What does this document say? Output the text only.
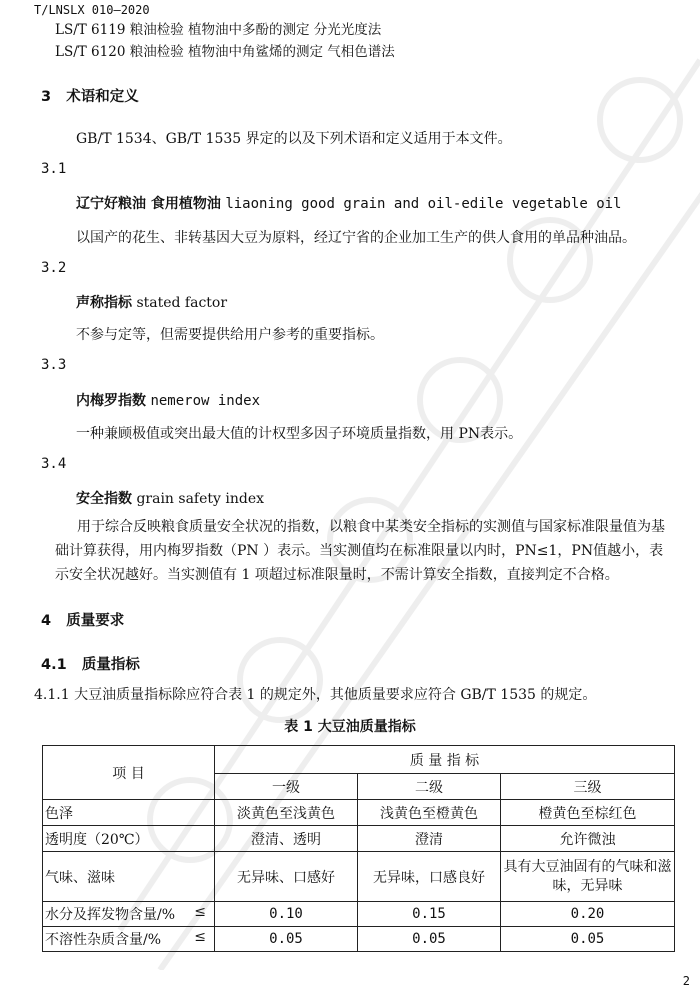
T/LNSLX 010—2020
LS/T 6119 粮油检验 植物油中多酚的测定 分光光度法
LS/T 6120 粮油检验 植物油中角鲨烯的测定 气相色谱法
3 术语和定义
GB/T 1534、GB/T 1535 界定的以及下列术语和定义适用于本文件。
3.1
辽宁好粮油 食用植物油 liaoning good grain and oil-edile vegetable oil
以国产的花生、非转基因大豆为原料，经辽宁省的企业加工生产的供人食用的单品种油品。
3.2
声称指标 stated factor
不参与定等，但需要提供给用户参考的重要指标。
3.3
内梅罗指数 nemerow index
一种兼顾极值或突出最大值的计权型多因子环境质量指数，用 PN表示。
3.4
安全指数 grain safety index
用于综合反映粮食质量安全状况的指数，以粮食中某类安全指标的实测值与国家标准限量值为基础计算获得，用内梅罗指数（PN ）表示。当实测值均在标准限量以内时，PN≤1，PN值越小，表示安全状况越好。当实测值有 1 项超过标准限量时，不需计算安全指数，直接判定不合格。
4 质量要求
4.1 质量指标
4.1.1 大豆油质量指标除应符合表 1 的规定外，其他质量要求应符合 GB/T 1535 的规定。
表 1 大豆油质量指标
项 目	质 量 指 标		
	一级	二级	三级
色泽	淡黄色至浅黄色	浅黄色至橙黄色	橙黄色至棕红色
透明度（20℃）	澄清、透明	澄清	允许微浊
气味、滋味	无异味、口感好	无异味，口感良好	具有大豆油固有的气味和滋味，无异味

水分及挥发物含量/% ≤	0.10	0.15	0.20

不溶性杂质含量/% ≤	0.05	0.05	0.05
2
